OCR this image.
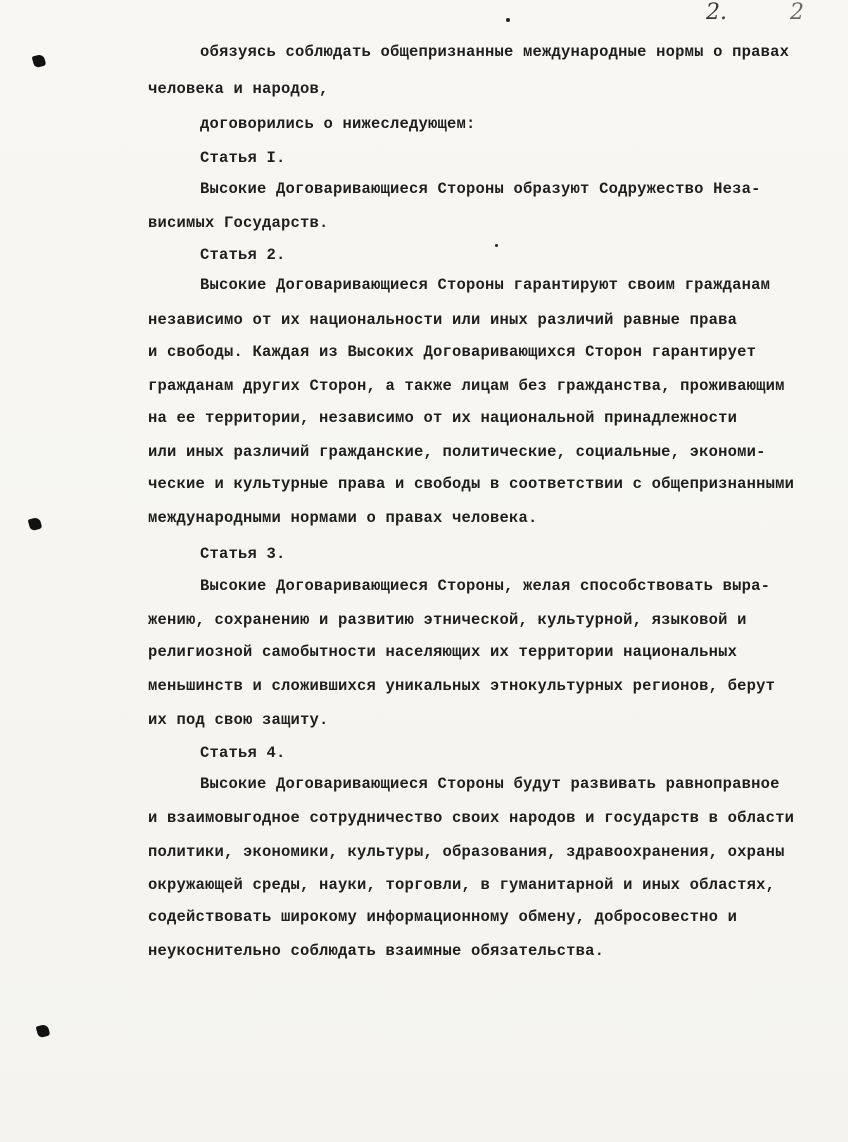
2.	2
обязуясь соблюдать общепризнанные международные нормы о правах
человека и народов,
договорились о нижеследующем:
Статья I.
Высокие Договаривающиеся Стороны образуют Содружество Неза-
висимых Государств.
Статья 2.
Высокие Договаривающиеся Стороны гарантируют своим гражданам
независимо от их национальности или иных различий равные права
и свободы. Каждая из Высоких Договаривающихся Сторон гарантирует
гражданам других Сторон, а также лицам без гражданства, проживающим
на ее территории, независимо от их национальной принадлежности
или иных различий гражданские, политические, социальные, экономи-
ческие и культурные права и свободы в соответствии с общепризнанными
международными нормами о правах человека.
Статья 3.
Высокие Договаривающиеся Стороны, желая способствовать выра-
жению, сохранению и развитию этнической, культурной, языковой и
религиозной самобытности населяющих их территории национальных
меньшинств и сложившихся уникальных этнокультурных регионов, берут
их под свою защиту.
Статья 4.
Высокие Договаривающиеся Стороны будут развивать равноправное
и взаимовыгодное сотрудничество своих народов и государств в области
политики, экономики, культуры, образования, здравоохранения, охраны
окружающей среды, науки, торговли, в гуманитарной и иных областях,
содействовать широкому информационному обмену, добросовестно и
неукоснительно соблюдать взаимные обязательства.
